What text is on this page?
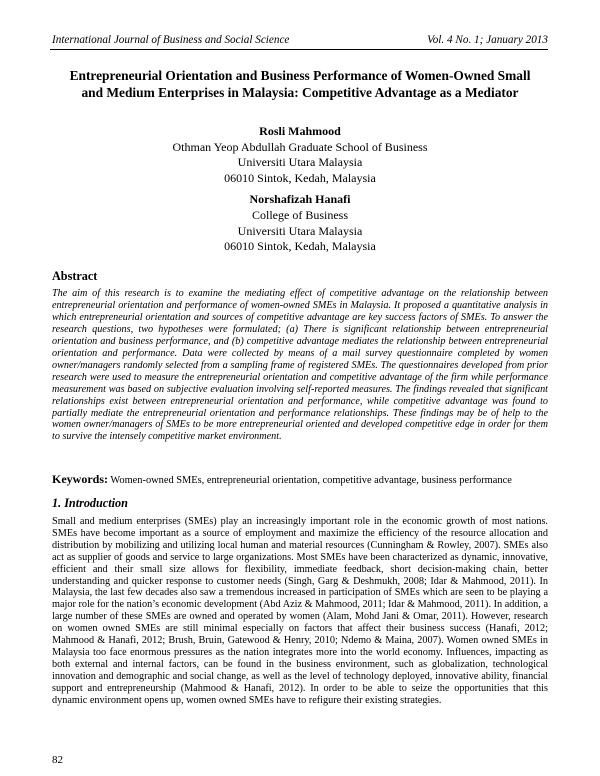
International Journal of Business and Social Science	Vol. 4 No. 1; January 2013
Entrepreneurial Orientation and Business Performance of Women-Owned Small and Medium Enterprises in Malaysia: Competitive Advantage as a Mediator
Rosli Mahmood
Othman Yeop Abdullah Graduate School of Business
Universiti Utara Malaysia
06010 Sintok, Kedah, Malaysia
Norshafizah Hanafi
College of Business
Universiti Utara Malaysia
06010 Sintok, Kedah, Malaysia
Abstract
The aim of this research is to examine the mediating effect of competitive advantage on the relationship between entrepreneurial orientation and performance of women-owned SMEs in Malaysia. It proposed a quantitative analysis in which entrepreneurial orientation and sources of competitive advantage are key success factors of SMEs. To answer the research questions, two hypotheses were formulated; (a) There is significant relationship between entrepreneurial orientation and business performance, and (b) competitive advantage mediates the relationship between entrepreneurial orientation and performance. Data were collected by means of a mail survey questionnaire completed by women owner/managers randomly selected from a sampling frame of registered SMEs. The questionnaires developed from prior research were used to measure the entrepreneurial orientation and competitive advantage of the firm while performance measurement was based on subjective evaluation involving self-reported measures. The findings revealed that significant relationships exist between entrepreneurial orientation and performance, while competitive advantage was found to partially mediate the entrepreneurial orientation and performance relationships. These findings may be of help to the women owner/managers of SMEs to be more entrepreneurial oriented and developed competitive edge in order for them to survive the intensely competitive market environment.
Keywords: Women-owned SMEs, entrepreneurial orientation, competitive advantage, business performance
1. Introduction
Small and medium enterprises (SMEs) play an increasingly important role in the economic growth of most nations. SMEs have become important as a source of employment and maximize the efficiency of the resource allocation and distribution by mobilizing and utilizing local human and material resources (Cunningham & Rowley, 2007). SMEs also act as supplier of goods and service to large organizations. Most SMEs have been characterized as dynamic, innovative, efficient and their small size allows for flexibility, immediate feedback, short decision-making chain, better understanding and quicker response to customer needs (Singh, Garg & Deshmukh, 2008; Idar & Mahmood, 2011). In Malaysia, the last few decades also saw a tremendous increased in participation of SMEs which are seen to be playing a major role for the nation’s economic development (Abd Aziz & Mahmood, 2011; Idar & Mahmood, 2011). In addition, a large number of these SMEs are owned and operated by women (Alam, Mohd Jani & Omar, 2011). However, research on women owned SMEs are still minimal especially on factors that affect their business success (Hanafi, 2012; Mahmood & Hanafi, 2012; Brush, Bruin, Gatewood & Henry, 2010; Ndemo & Maina, 2007). Women owned SMEs in Malaysia too face enormous pressures as the nation integrates more into the world economy. Influences, impacting as both external and internal factors, can be found in the business environment, such as globalization, technological innovation and demographic and social change, as well as the level of technology deployed, innovative ability, financial support and entrepreneurship (Mahmood & Hanafi, 2012). In order to be able to seize the opportunities that this dynamic environment opens up, women owned SMEs have to refigure their existing strategies.
82
